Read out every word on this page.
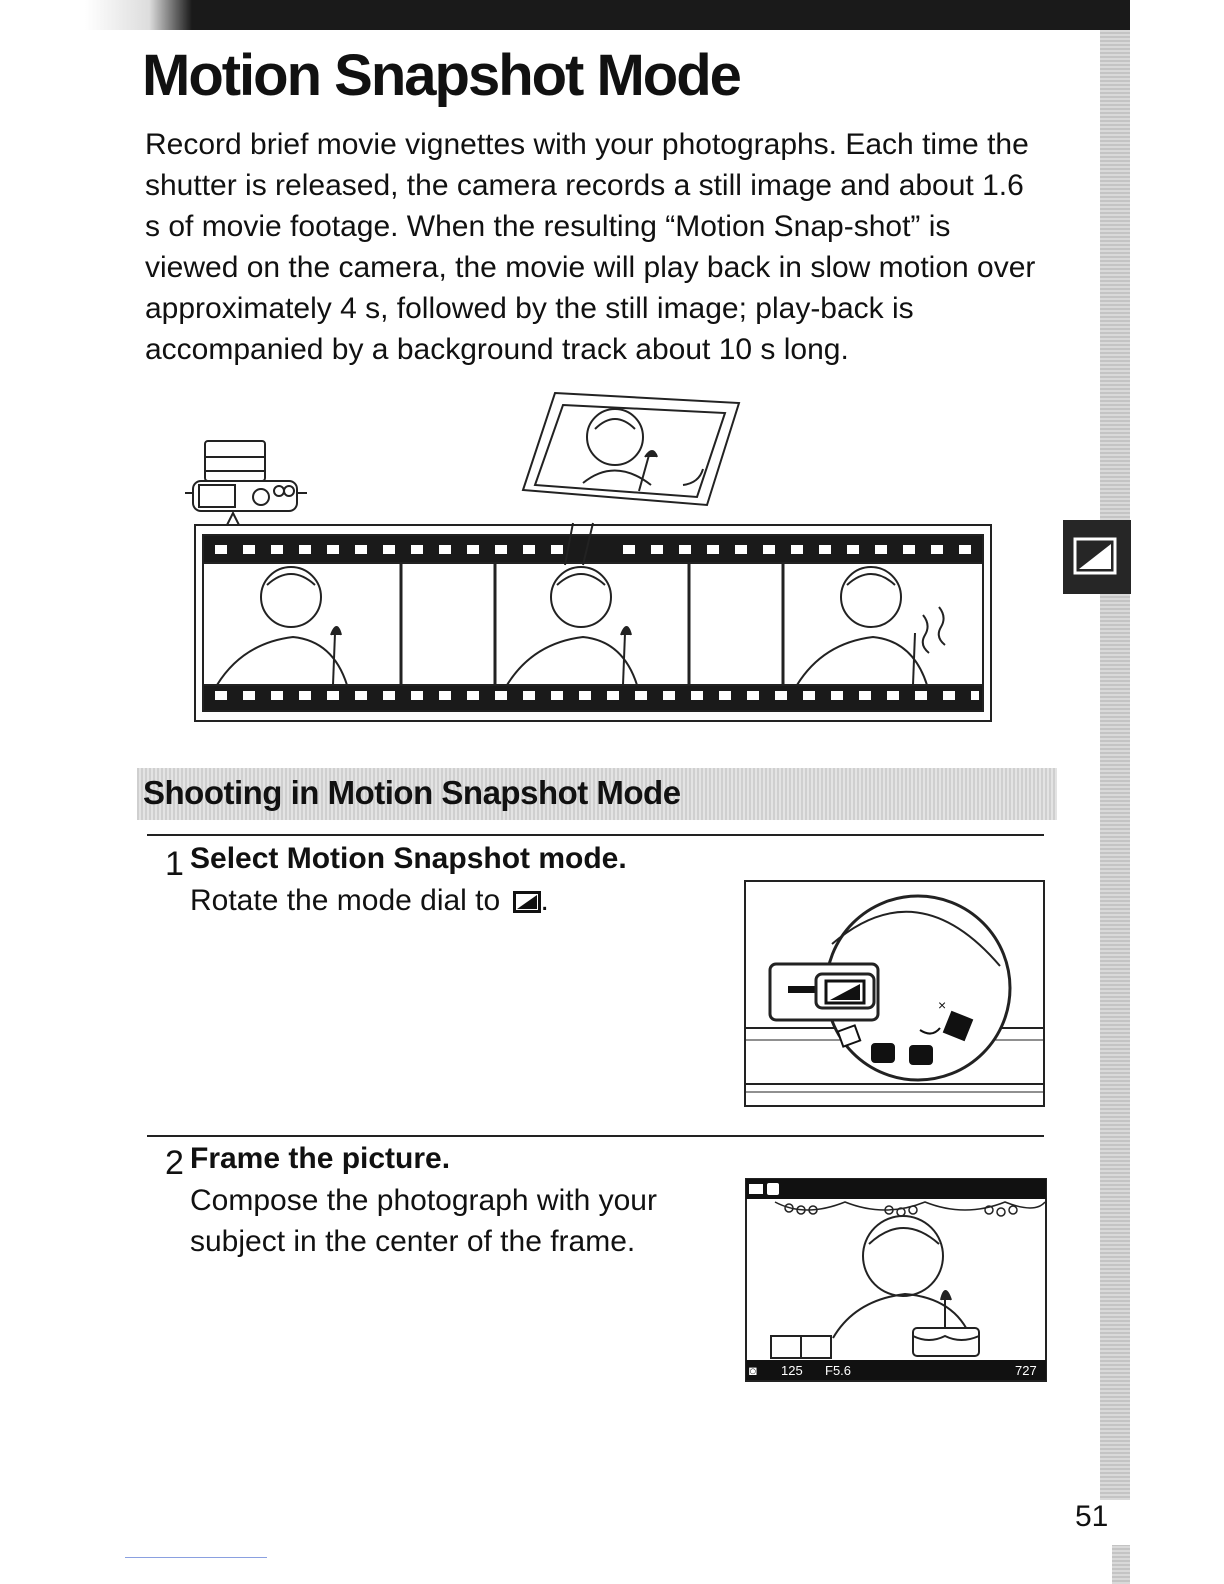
Motion Snapshot Mode

Record brief movie vignettes with your photographs. Each time the shutter is released, the camera records a still image and about 1.6 s of movie footage. When the resulting “Motion Snap-shot” is viewed on the camera, the movie will play back in slow motion over approximately 4 s, followed by the still image; play-back is accompanied by a background track about 10 s long.

Shooting in Motion Snapshot Mode
1 Select Motion Snapshot mode.
Rotate the mode dial to .
×
2 Frame the picture.
Compose the photograph with your subject in the center of the frame.
◙ 125 F5.6	727
51
